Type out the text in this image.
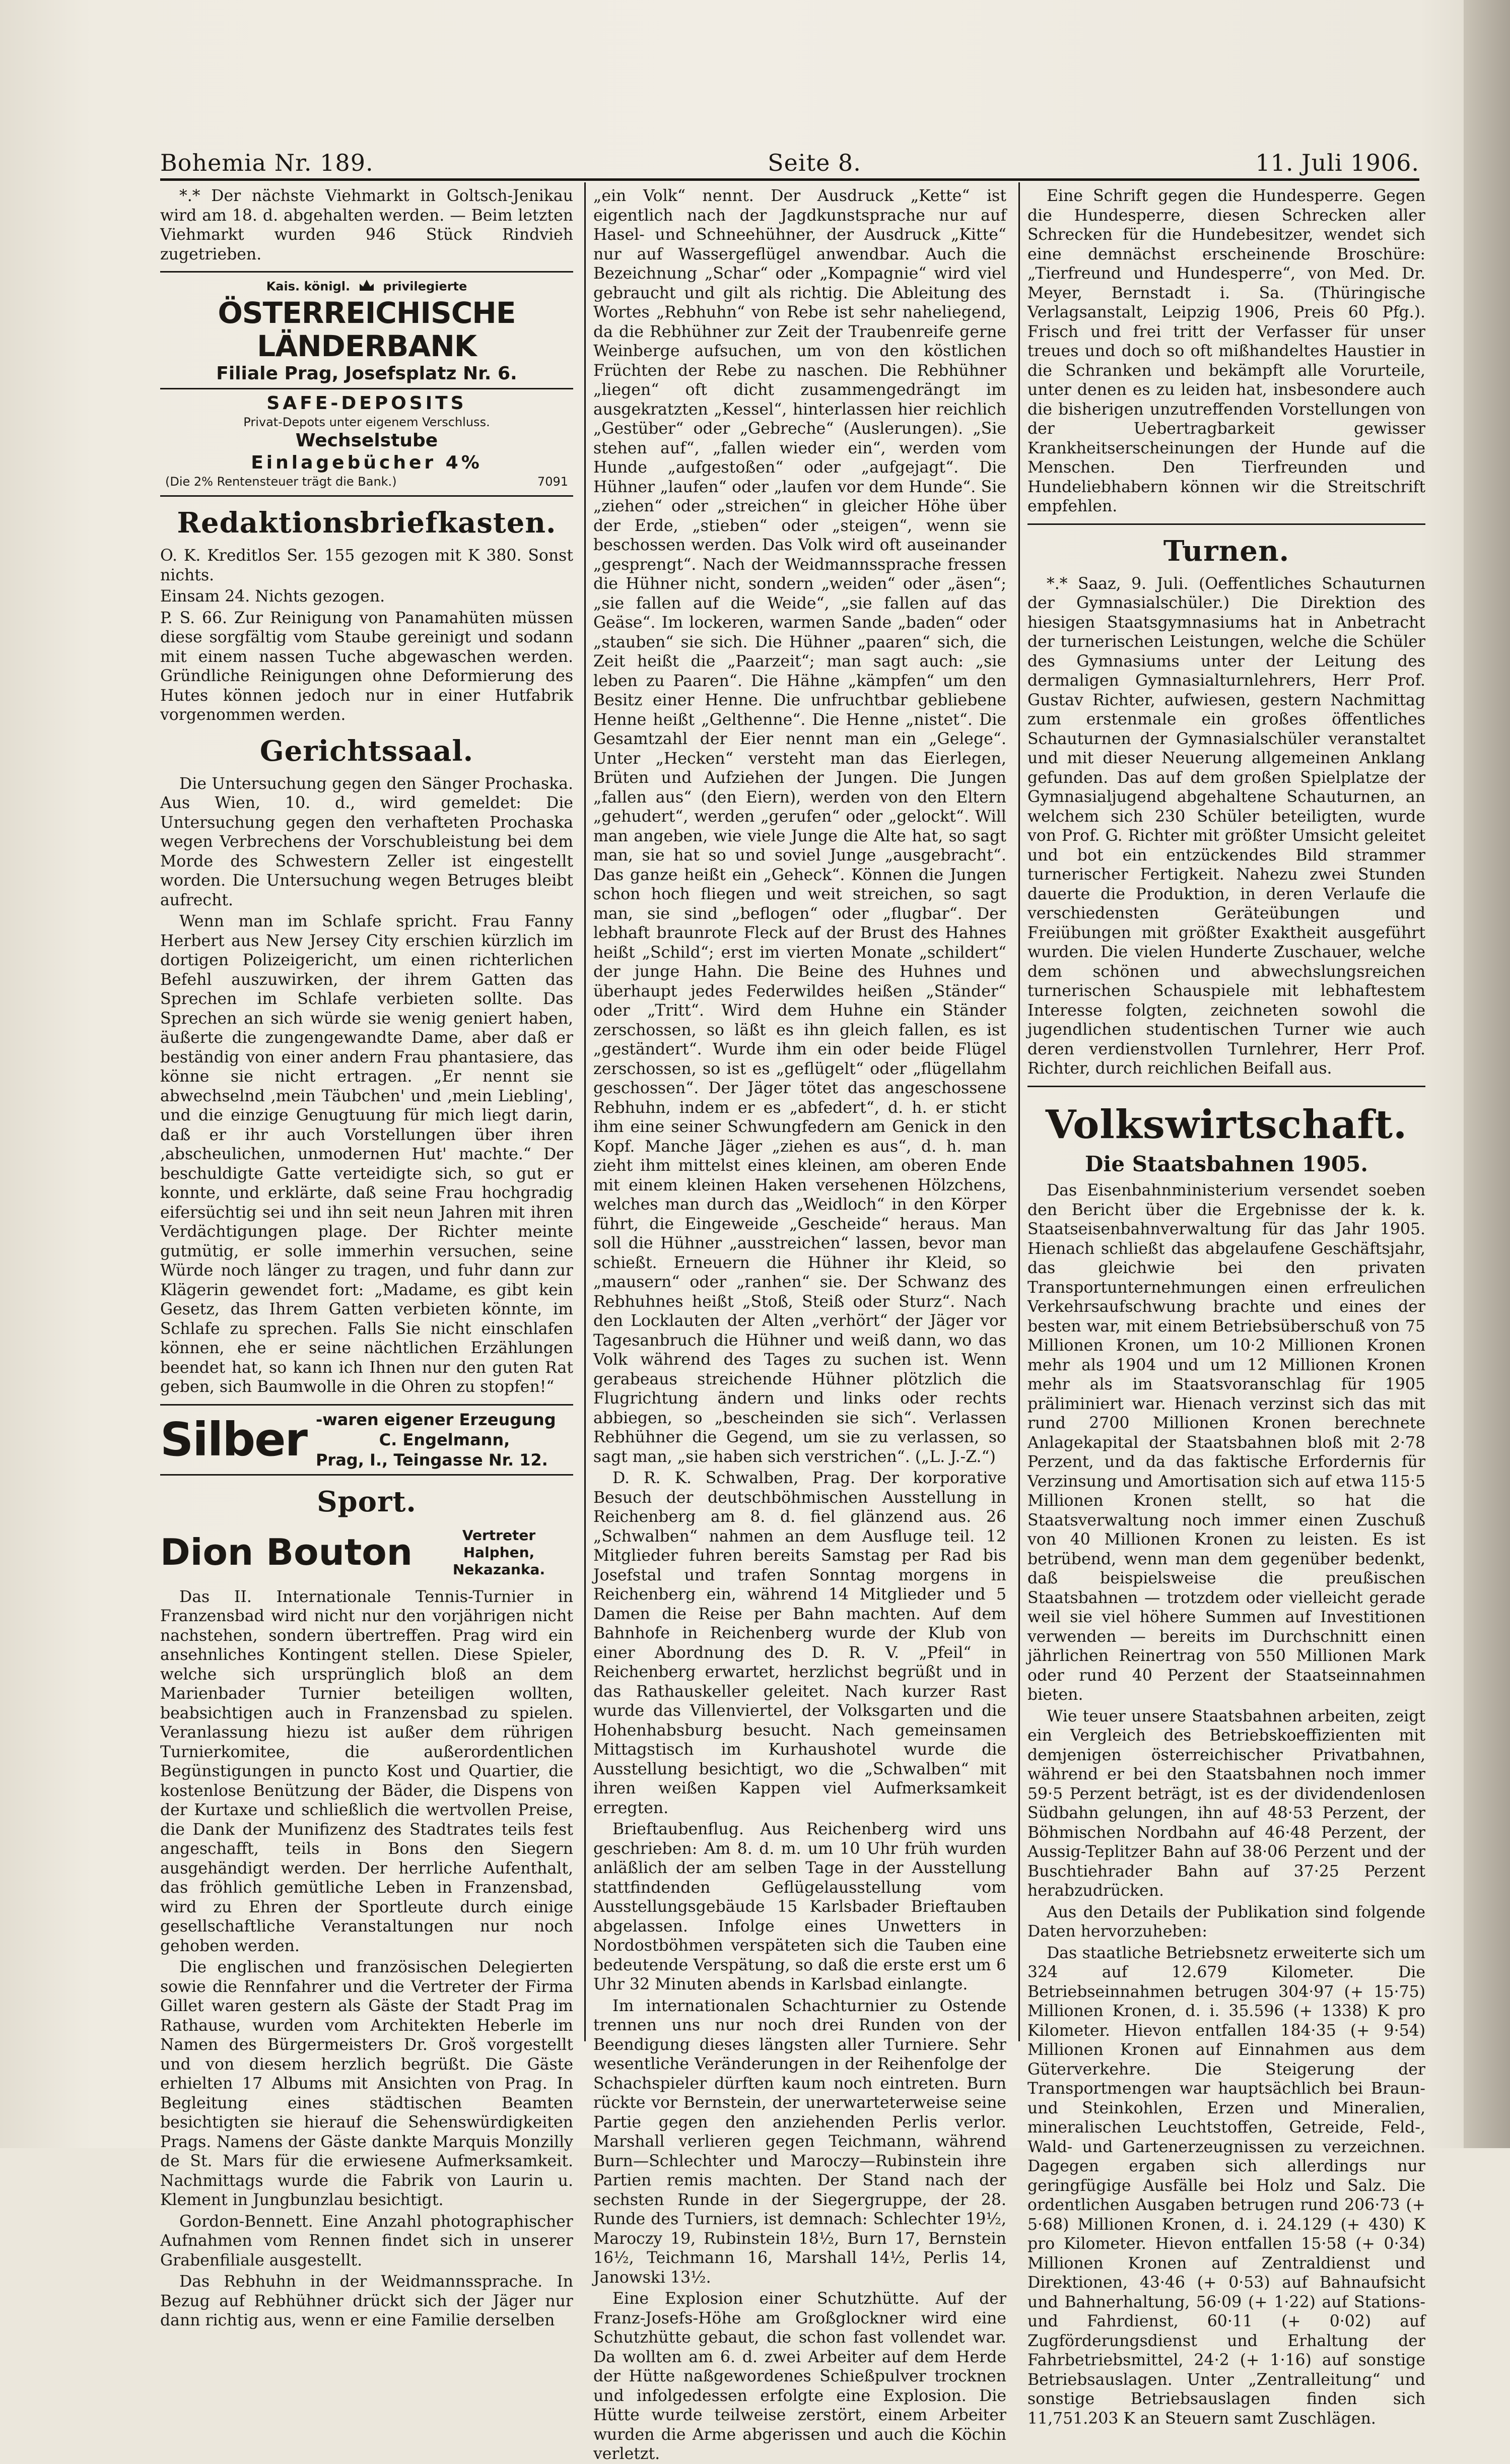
Bohemia Nr. 189.	Seite 8.	11. Juli 1906.

*.* Der nächste Viehmarkt in Goltsch-Jenikau wird am 18. d. abgehalten werden. — Beim letzten Viehmarkt wurden 946 Stück Rindvieh zugetrieben.

Kais. königl.	privilegierte
ÖSTERREICHISCHE LÄNDERBANK
Filiale Prag, Josefsplatz Nr. 6.
SAFE-DEPOSITS
Privat-Depots unter eigenem Verschluss.
Wechselstube
Einlagebücher 4%
(Die 2% Rentensteuer trägt die Bank.)	7091
Redaktionsbriefkasten.

O. K. Kreditlos Ser. 155 gezogen mit K 380. Sonst nichts.

Einsam 24. Nichts gezogen.

P. S. 66. Zur Reinigung von Panamahüten müssen diese sorgfältig vom Staube gereinigt und sodann mit einem nassen Tuche abgewaschen werden. Gründliche Reinigungen ohne Deformierung des Hutes können jedoch nur in einer Hutfabrik vorgenommen werden.

Gerichtssaal.

Die Untersuchung gegen den Sänger Prochaska. Aus Wien, 10. d., wird gemeldet: Die Untersuchung gegen den verhafteten Prochaska wegen Verbrechens der Vorschubleistung bei dem Morde des Schwestern Zeller ist eingestellt worden. Die Untersuchung wegen Betruges bleibt aufrecht.

Wenn man im Schlafe spricht. Frau Fanny Herbert aus New Jersey City erschien kürzlich im dortigen Polizeigericht, um einen richterlichen Befehl auszuwirken, der ihrem Gatten das Sprechen im Schlafe verbieten sollte. Das Sprechen an sich würde sie wenig geniert haben, äußerte die zungengewandte Dame, aber daß er beständig von einer andern Frau phantasiere, das könne sie nicht ertragen. „Er nennt sie abwechselnd ,mein Täubchen' und ,mein Liebling', und die einzige Genugtuung für mich liegt darin, daß er ihr auch Vorstellungen über ihren ,abscheulichen, unmodernen Hut' machte.“ Der beschuldigte Gatte verteidigte sich, so gut er konnte, und erklärte, daß seine Frau hochgradig eifersüchtig sei und ihn seit neun Jahren mit ihren Verdächtigungen plage. Der Richter meinte gutmütig, er solle immerhin versuchen, seine Würde noch länger zu tragen, und fuhr dann zur Klägerin gewendet fort: „Madame, es gibt kein Gesetz, das Ihrem Gatten verbieten könnte, im Schlafe zu sprechen. Falls Sie nicht einschlafen können, ehe er seine nächtlichen Erzählungen beendet hat, so kann ich Ihnen nur den guten Rat geben, sich Baumwolle in die Ohren zu stopfen!“

Silber -waren eigener Erzeugung
C. Engelmann,
Prag, I., Teingasse Nr. 12.
Sport.
Dion Bouton	Vertreter Halphen,
Nekazanka.

Das II. Internationale Tennis-Turnier in Franzensbad wird nicht nur den vorjährigen nicht nachstehen, sondern übertreffen. Prag wird ein ansehnliches Kontingent stellen. Diese Spieler, welche sich ursprünglich bloß an dem Marienbader Turnier beteiligen wollten, beabsichtigen auch in Franzensbad zu spielen. Veranlassung hiezu ist außer dem rührigen Turnierkomitee, die außerordentlichen Begünstigungen in puncto Kost und Quartier, die kostenlose Benützung der Bäder, die Dispens von der Kurtaxe und schließlich die wertvollen Preise, die Dank der Munifizenz des Stadtrates teils fest angeschafft, teils in Bons den Siegern ausgehändigt werden. Der herrliche Aufenthalt, das fröhlich gemütliche Leben in Franzensbad, wird zu Ehren der Sportleute durch einige gesellschaftliche Veranstaltungen nur noch gehoben werden.

Die englischen und französischen Delegierten sowie die Rennfahrer und die Vertreter der Firma Gillet waren gestern als Gäste der Stadt Prag im Rathause, wurden vom Architekten Heberle im Namen des Bürgermeisters Dr. Groš vorgestellt und von diesem herzlich begrüßt. Die Gäste erhielten 17 Albums mit Ansichten von Prag. In Begleitung eines städtischen Beamten besichtigten sie hierauf die Sehenswürdigkeiten Prags. Namens der Gäste dankte Marquis Monzilly de St. Mars für die erwiesene Aufmerksamkeit. Nachmittags wurde die Fabrik von Laurin u. Klement in Jungbunzlau besichtigt.

Gordon-Bennett. Eine Anzahl photographischer Aufnahmen vom Rennen findet sich in unserer Grabenfiliale ausgestellt.

Das Rebhuhn in der Weidmannssprache. In Bezug auf Rebhühner drückt sich der Jäger nur dann richtig aus, wenn er eine Familie derselben

„ein Volk“ nennt. Der Ausdruck „Kette“ ist eigentlich nach der Jagdkunstsprache nur auf Hasel- und Schneehühner, der Ausdruck „Kitte“ nur auf Wassergeflügel anwendbar. Auch die Bezeichnung „Schar“ oder „Kompagnie“ wird viel gebraucht und gilt als richtig. Die Ableitung des Wortes „Rebhuhn“ von Rebe ist sehr naheliegend, da die Rebhühner zur Zeit der Traubenreife gerne Weinberge aufsuchen, um von den köstlichen Früchten der Rebe zu naschen. Die Rebhühner „liegen“ oft dicht zusammengedrängt im ausgekratzten „Kessel“, hinterlassen hier reichlich „Gestüber“ oder „Gebreche“ (Auslerungen). „Sie stehen auf“, „fallen wieder ein“, werden vom Hunde „aufgestoßen“ oder „aufgejagt“. Die Hühner „laufen“ oder „laufen vor dem Hunde“. Sie „ziehen“ oder „streichen“ in gleicher Höhe über der Erde, „stieben“ oder „steigen“, wenn sie beschossen werden. Das Volk wird oft auseinander „gesprengt“. Nach der Weidmannssprache fressen die Hühner nicht, sondern „weiden“ oder „äsen“; „sie fallen auf die Weide“, „sie fallen auf das Geäse“. Im lockeren, warmen Sande „baden“ oder „stauben“ sie sich. Die Hühner „paaren“ sich, die Zeit heißt die „Paarzeit“; man sagt auch: „sie leben zu Paaren“. Die Hähne „kämpfen“ um den Besitz einer Henne. Die unfruchtbar gebliebene Henne heißt „Gelthenne“. Die Henne „nistet“. Die Gesamtzahl der Eier nennt man ein „Gelege“. Unter „Hecken“ versteht man das Eierlegen, Brüten und Aufziehen der Jungen. Die Jungen „fallen aus“ (den Eiern), werden von den Eltern „gehudert“, werden „gerufen“ oder „gelockt“. Will man angeben, wie viele Junge die Alte hat, so sagt man, sie hat so und soviel Junge „ausgebracht“. Das ganze heißt ein „Geheck“. Können die Jungen schon hoch fliegen und weit streichen, so sagt man, sie sind „beflogen“ oder „flugbar“. Der lebhaft braunrote Fleck auf der Brust des Hahnes heißt „Schild“; erst im vierten Monate „schildert“ der junge Hahn. Die Beine des Huhnes und überhaupt jedes Federwildes heißen „Ständer“ oder „Tritt“. Wird dem Huhne ein Ständer zerschossen, so läßt es ihn gleich fallen, es ist „geständert“. Wurde ihm ein oder beide Flügel zerschossen, so ist es „geflügelt“ oder „flügellahm geschossen“. Der Jäger tötet das angeschossene Rebhuhn, indem er es „abfedert“, d. h. er sticht ihm eine seiner Schwungfedern am Genick in den Kopf. Manche Jäger „ziehen es aus“, d. h. man zieht ihm mittelst eines kleinen, am oberen Ende mit einem kleinen Haken versehenen Hölzchens, welches man durch das „Weidloch“ in den Körper führt, die Eingeweide „Gescheide“ heraus. Man soll die Hühner „ausstreichen“ lassen, bevor man schießt. Erneuern die Hühner ihr Kleid, so „mausern“ oder „ranhen“ sie. Der Schwanz des Rebhuhnes heißt „Stoß, Steiß oder Sturz“. Nach den Locklauten der Alten „verhört“ der Jäger vor Tagesanbruch die Hühner und weiß dann, wo das Volk während des Tages zu suchen ist. Wenn gerabeaus streichende Hühner plötzlich die Flugrichtung ändern und links oder rechts abbiegen, so „bescheinden sie sich“. Verlassen Rebhühner die Gegend, um sie zu verlassen, so sagt man, „sie haben sich verstrichen“. („L. J.-Z.“)

D. R. K. Schwalben, Prag. Der korporative Besuch der deutschböhmischen Ausstellung in Reichenberg am 8. d. fiel glänzend aus. 26 „Schwalben“ nahmen an dem Ausfluge teil. 12 Mitglieder fuhren bereits Samstag per Rad bis Josefstal und trafen Sonntag morgens in Reichenberg ein, während 14 Mitglieder und 5 Damen die Reise per Bahn machten. Auf dem Bahnhofe in Reichenberg wurde der Klub von einer Abordnung des D. R. V. „Pfeil“ in Reichenberg erwartet, herzlichst begrüßt und in das Rathauskeller geleitet. Nach kurzer Rast wurde das Villenviertel, der Volksgarten und die Hohenhabsburg besucht. Nach gemeinsamen Mittagstisch im Kurhaushotel wurde die Ausstellung besichtigt, wo die „Schwalben“ mit ihren weißen Kappen viel Aufmerksamkeit erregten.

Brieftaubenflug. Aus Reichenberg wird uns geschrieben: Am 8. d. m. um 10 Uhr früh wurden anläßlich der am selben Tage in der Ausstellung stattfindenden Geflügelausstellung vom Ausstellungsgebäude 15 Karlsbader Brieftauben abgelassen. Infolge eines Unwetters in Nordostböhmen verspäteten sich die Tauben eine bedeutende Verspätung, so daß die erste erst um 6 Uhr 32 Minuten abends in Karlsbad einlangte.

Im internationalen Schachturnier zu Ostende trennen uns nur noch drei Runden von der Beendigung dieses längsten aller Turniere. Sehr wesentliche Veränderungen in der Reihenfolge der Schachspieler dürften kaum noch eintreten. Burn rückte vor Bernstein, der unerwarteterweise seine Partie gegen den anziehenden Perlis verlor. Marshall verlieren gegen Teichmann, während Burn—Schlechter und Maroczy—Rubinstein ihre Partien remis machten. Der Stand nach der sechsten Runde in der Siegergruppe, der 28. Runde des Turniers, ist demnach: Schlechter 19½, Maroczy 19, Rubinstein 18½, Burn 17, Bernstein 16½, Teichmann 16, Marshall 14½, Perlis 14, Janowski 13½.

Eine Explosion einer Schutzhütte. Auf der Franz-Josefs-Höhe am Großglockner wird eine Schutzhütte gebaut, die schon fast vollendet war. Da wollten am 6. d. zwei Arbeiter auf dem Herde der Hütte naßgewordenes Schießpulver trocknen und infolgedessen erfolgte eine Explosion. Die Hütte wurde teilweise zerstört, einem Arbeiter wurden die Arme abgerissen und auch die Köchin verletzt.

Eine Schrift gegen die Hundesperre. Gegen die Hundesperre, diesen Schrecken aller Schrecken für die Hundebesitzer, wendet sich eine demnächst erscheinende Broschüre: „Tierfreund und Hundesperre“, von Med. Dr. Meyer, Bernstadt i. Sa. (Thüringische Verlagsanstalt, Leipzig 1906, Preis 60 Pfg.). Frisch und frei tritt der Verfasser für unser treues und doch so oft mißhandeltes Haustier in die Schranken und bekämpft alle Vorurteile, unter denen es zu leiden hat, insbesondere auch die bisherigen unzutreffenden Vorstellungen von der Uebertragbarkeit gewisser Krankheitserscheinungen der Hunde auf die Menschen. Den Tierfreunden und Hundeliebhabern können wir die Streitschrift empfehlen.

Turnen.

*.* Saaz, 9. Juli. (Oeffentliches Schauturnen der Gymnasialschüler.) Die Direktion des hiesigen Staatsgymnasiums hat in Anbetracht der turnerischen Leistungen, welche die Schüler des Gymnasiums unter der Leitung des dermaligen Gymnasialturnlehrers, Herr Prof. Gustav Richter, aufwiesen, gestern Nachmittag zum erstenmale ein großes öffentliches Schauturnen der Gymnasialschüler veranstaltet und mit dieser Neuerung allgemeinen Anklang gefunden. Das auf dem großen Spielplatze der Gymnasialjugend abgehaltene Schauturnen, an welchem sich 230 Schüler beteiligten, wurde von Prof. G. Richter mit größter Umsicht geleitet und bot ein entzückendes Bild strammer turnerischer Fertigkeit. Nahezu zwei Stunden dauerte die Produktion, in deren Verlaufe die verschiedensten Geräteübungen und Freiübungen mit größter Exaktheit ausgeführt wurden. Die vielen Hunderte Zuschauer, welche dem schönen und abwechslungsreichen turnerischen Schauspiele mit lebhaftestem Interesse folgten, zeichneten sowohl die jugendlichen studentischen Turner wie auch deren verdienstvollen Turnlehrer, Herr Prof. Richter, durch reichlichen Beifall aus.

Volkswirtschaft.
Die Staatsbahnen 1905.

Das Eisenbahnministerium versendet soeben den Bericht über die Ergebnisse der k. k. Staatseisenbahnverwaltung für das Jahr 1905. Hienach schließt das abgelaufene Geschäftsjahr, das gleichwie bei den privaten Transportunternehmungen einen erfreulichen Verkehrsaufschwung brachte und eines der besten war, mit einem Betriebsüberschuß von 75 Millionen Kronen, um 10·2 Millionen Kronen mehr als 1904 und um 12 Millionen Kronen mehr als im Staatsvoranschlag für 1905 präliminiert war. Hienach verzinst sich das mit rund 2700 Millionen Kronen berechnete Anlagekapital der Staatsbahnen bloß mit 2·78 Perzent, und da das faktische Erfordernis für Verzinsung und Amortisation sich auf etwa 115·5 Millionen Kronen stellt, so hat die Staatsverwaltung noch immer einen Zuschuß von 40 Millionen Kronen zu leisten. Es ist betrübend, wenn man dem gegenüber bedenkt, daß beispielsweise die preußischen Staatsbahnen — trotzdem oder vielleicht gerade weil sie viel höhere Summen auf Investitionen verwenden — bereits im Durchschnitt einen jährlichen Reinertrag von 550 Millionen Mark oder rund 40 Perzent der Staatseinnahmen bieten.

Wie teuer unsere Staatsbahnen arbeiten, zeigt ein Vergleich des Betriebskoeffizienten mit demjenigen österreichischer Privatbahnen, während er bei den Staatsbahnen noch immer 59·5 Perzent beträgt, ist es der dividendenlosen Südbahn gelungen, ihn auf 48·53 Perzent, der Böhmischen Nordbahn auf 46·48 Perzent, der Aussig-Teplitzer Bahn auf 38·06 Perzent und der Buschtiehrader Bahn auf 37·25 Perzent herabzudrücken.

Aus den Details der Publikation sind folgende Daten hervorzuheben:

Das staatliche Betriebsnetz erweiterte sich um 324 auf 12.679 Kilometer. Die Betriebseinnahmen betrugen 304·97 (+ 15·75) Millionen Kronen, d. i. 35.596 (+ 1338) K pro Kilometer. Hievon entfallen 184·35 (+ 9·54) Millionen Kronen auf Einnahmen aus dem Güterverkehre. Die Steigerung der Transportmengen war hauptsächlich bei Braun- und Steinkohlen, Erzen und Mineralien, mineralischen Leuchtstoffen, Getreide, Feld-, Wald- und Gartenerzeugnissen zu verzeichnen. Dagegen ergaben sich allerdings nur geringfügige Ausfälle bei Holz und Salz. Die ordentlichen Ausgaben betrugen rund 206·73 (+ 5·68) Millionen Kronen, d. i. 24.129 (+ 430) K pro Kilometer. Hievon entfallen 15·58 (+ 0·34) Millionen Kronen auf Zentraldienst und Direktionen, 43·46 (+ 0·53) auf Bahnaufsicht und Bahnerhaltung, 56·09 (+ 1·22) auf Stations- und Fahrdienst, 60·11 (+ 0·02) auf Zugförderungsdienst und Erhaltung der Fahrbetriebsmittel, 24·2 (+ 1·16) auf sonstige Betriebsauslagen. Unter „Zentralleitung“ und sonstige Betriebsauslagen finden sich 11,751.203 K an Steuern samt Zuschlägen.
